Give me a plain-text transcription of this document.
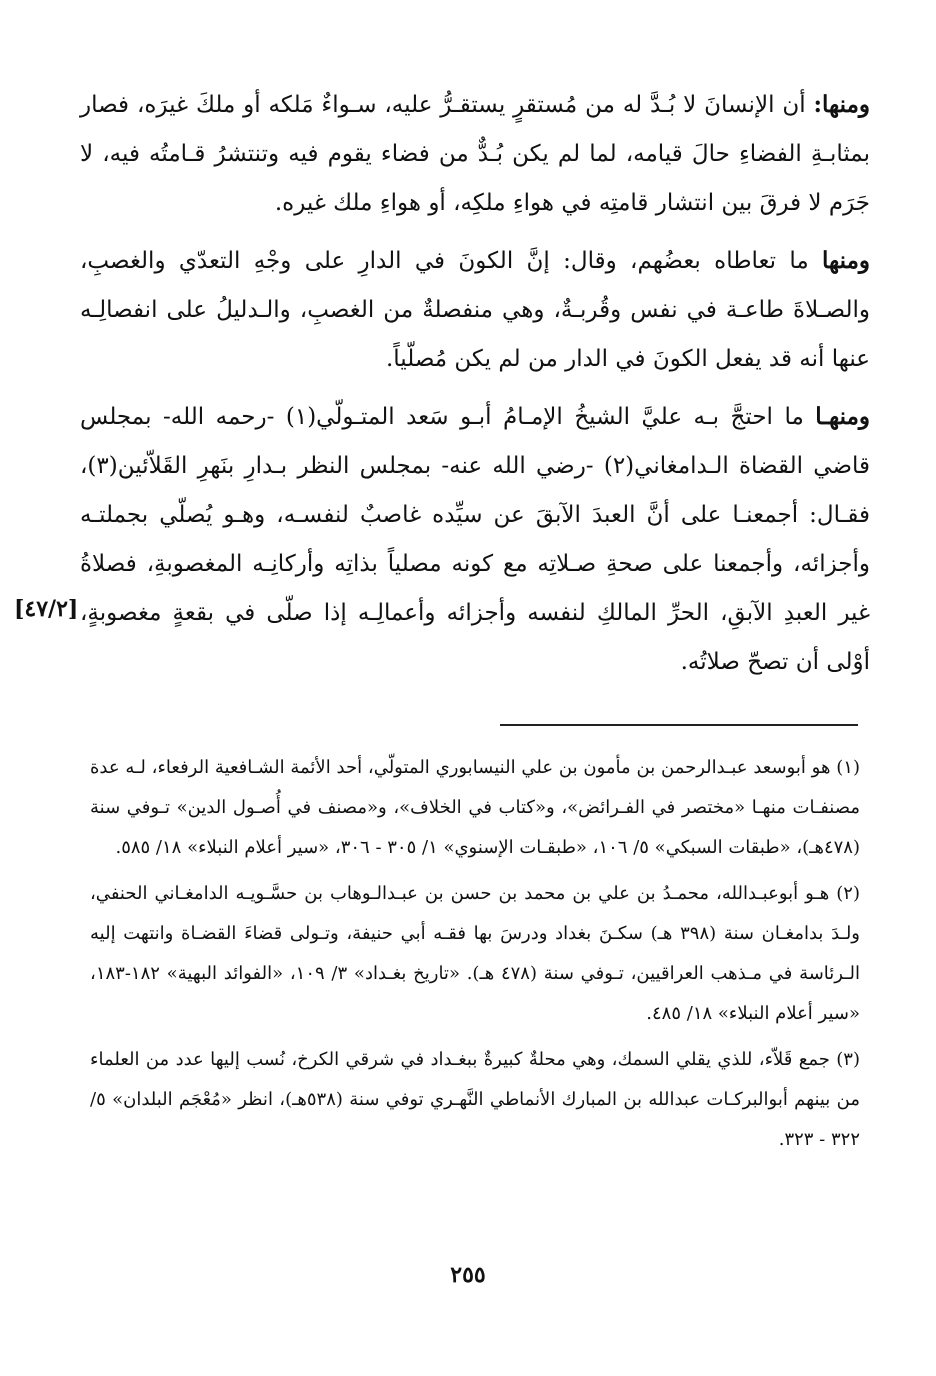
ومنها: أن الإنسانَ لا بُـدَّ له من مُستقرٍ يستقـرُّ عليه، سـواءٌ مَلكه أو ملكَ غيرَه، فصار بمثابـةِ الفضاءِ حالَ قيامه، لما لم يكن بُـدٌّ من فضاء يقوم فيه وتنتشرُ قـامتُه فيه، لا جَرَم لا فرقَ بين انتشار قامتِه في هواءِ ملكِه، أو هواءِ ملك غيره.

ومنها ما تعاطاه بعضُهم، وقال: إنَّ الكونَ في الدارِ على وجْهِ التعدّي والغصبِ، والصـلاةَ طاعـة في نفس وقُربـةٌ، وهي منفصلةٌ من الغصبِ، والـدليلُ على انفصالِـه عنها أنه قد يفعل الكونَ في الدار من لم يكن مُصلّياً.

ومنهـا ما احتجَّ بـه عليَّ الشيخُ الإمـامُ أبـو سَعد المتـولّي(١) -رحمه الله- بمجلس قاضي القضاة الـدامغاني(٢) -رضي الله عنه- بمجلس النظر بـدارِ بنَهرِ القَلاّئين(٣)، فقـال: أجمعنـا على أنَّ العبدَ الآبقَ عن سيِّده غاصبٌ لنفسـه، وهـو يُصلّي بجملتـه وأجزائه، وأجمعنا على صحةِ صـلاتِه مع كونه مصلياً بذاتِه وأركانِـه المغصوبةِ، فصلاةُ غير العبدِ الآبقِ، الحرِّ المالكِ لنفسه وأجزائه وأعمالِـه إذا صلّى في بقعةٍ مغصوبةٍ، أوْلى أن تصحّ صلاتُه.

[٤٧/٢]

(١) هو أبوسعد عبـدالرحمن بن مأمون بن علي النيسابوري المتولّي، أحد الأئمة الشـافعية الرفعاء، لـه عدة مصنفـات منهـا «مختصر في الفـرائض»، و«كتاب في الخلاف»، و«مصنف في أُصـول الدين» تـوفي سنة (٤٧٨هـ)، «طبقات السبكي» ٥/ ١٠٦، «طبقـات الإسنوي» ١/ ٣٠٥ - ٣٠٦، «سير أعلام النبلاء» ١٨/ ٥٨٥.

(٢) هـو أبوعبـدالله، محمـدُ بن علي بن محمد بن حسن بن عبـدالـوهاب بن حسَّـويـه الدامغـاني الحنفي، ولـدَ بدامغـان سنة (٣٩٨ هـ) سكـنَ بغداد ودرسَ بها فقـه أبي حنيفة، وتـولى قضاءَ القضـاة وانتهت إليه الـرئاسة في مـذهب العراقيين، تـوفي سنة (٤٧٨ هـ). «تاريخ بغـداد» ٣/ ١٠٩، «الفوائد البهية» ١٨٢-١٨٣، «سير أعلام النبلاء» ١٨/ ٤٨٥.

(٣) جمع قَلاّء، للذي يقلي السمك، وهي محلةٌ كبيرةٌ ببغـداد في شرقي الكرخ، نُسب إليها عدد من العلماء من بينهم أبوالبركـات عبدالله بن المبارك الأنماطي النَّهـري توفي سنة (٥٣٨هـ)، انظر «مُعْجَم البلدان» ٥/ ٣٢٢ - ٣٢٣.

٢٥٥
